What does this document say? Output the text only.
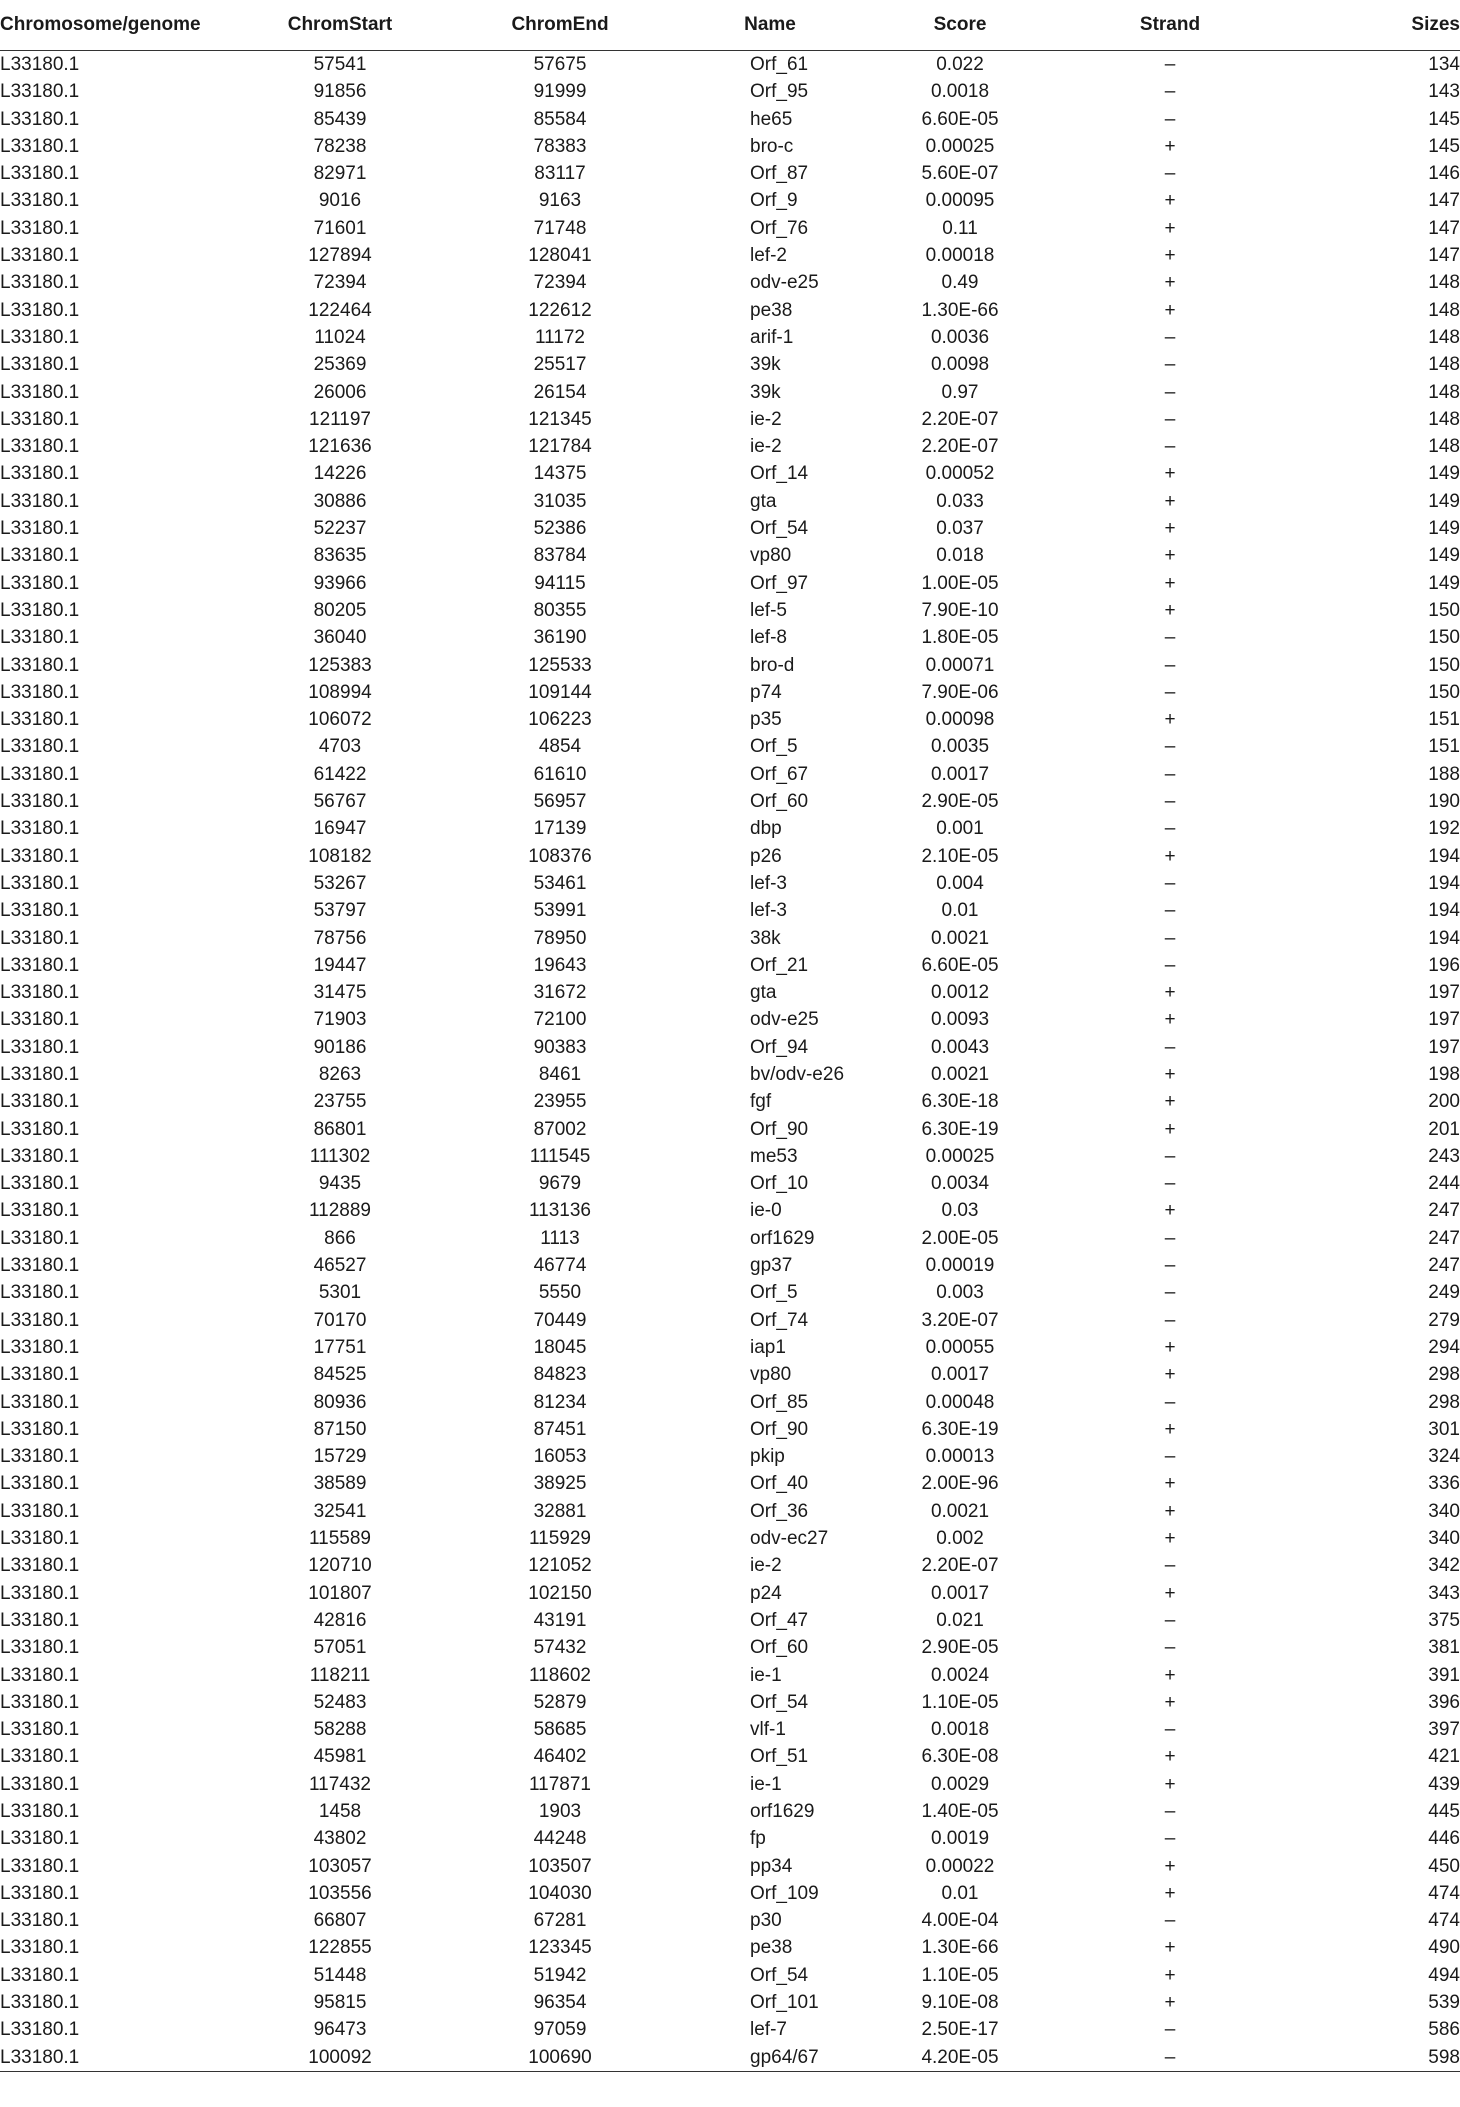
Chromosome/genome	ChromStart	ChromEnd	Name	Score	Strand	Sizes
L33180.1	57541	57675	Orf_61	0.022	–	134
L33180.1	91856	91999	Orf_95	0.0018	–	143
L33180.1	85439	85584	he65	6.60E-05	–	145
L33180.1	78238	78383	bro-c	0.00025	+	145
L33180.1	82971	83117	Orf_87	5.60E-07	–	146
L33180.1	9016	9163	Orf_9	0.00095	+	147
L33180.1	71601	71748	Orf_76	0.11	+	147
L33180.1	127894	128041	lef-2	0.00018	+	147
L33180.1	72394	72394	odv-e25	0.49	+	148
L33180.1	122464	122612	pe38	1.30E-66	+	148
L33180.1	11024	11172	arif-1	0.0036	–	148
L33180.1	25369	25517	39k	0.0098	–	148
L33180.1	26006	26154	39k	0.97	–	148
L33180.1	121197	121345	ie-2	2.20E-07	–	148
L33180.1	121636	121784	ie-2	2.20E-07	–	148
L33180.1	14226	14375	Orf_14	0.00052	+	149
L33180.1	30886	31035	gta	0.033	+	149
L33180.1	52237	52386	Orf_54	0.037	+	149
L33180.1	83635	83784	vp80	0.018	+	149
L33180.1	93966	94115	Orf_97	1.00E-05	+	149
L33180.1	80205	80355	lef-5	7.90E-10	+	150
L33180.1	36040	36190	lef-8	1.80E-05	–	150
L33180.1	125383	125533	bro-d	0.00071	–	150
L33180.1	108994	109144	p74	7.90E-06	–	150
L33180.1	106072	106223	p35	0.00098	+	151
L33180.1	4703	4854	Orf_5	0.0035	–	151
L33180.1	61422	61610	Orf_67	0.0017	–	188
L33180.1	56767	56957	Orf_60	2.90E-05	–	190
L33180.1	16947	17139	dbp	0.001	–	192
L33180.1	108182	108376	p26	2.10E-05	+	194
L33180.1	53267	53461	lef-3	0.004	–	194
L33180.1	53797	53991	lef-3	0.01	–	194
L33180.1	78756	78950	38k	0.0021	–	194
L33180.1	19447	19643	Orf_21	6.60E-05	–	196
L33180.1	31475	31672	gta	0.0012	+	197
L33180.1	71903	72100	odv-e25	0.0093	+	197
L33180.1	90186	90383	Orf_94	0.0043	–	197
L33180.1	8263	8461	bv/odv-e26	0.0021	+	198
L33180.1	23755	23955	fgf	6.30E-18	+	200
L33180.1	86801	87002	Orf_90	6.30E-19	+	201
L33180.1	111302	111545	me53	0.00025	–	243
L33180.1	9435	9679	Orf_10	0.0034	–	244
L33180.1	112889	113136	ie-0	0.03	+	247
L33180.1	866	1113	orf1629	2.00E-05	–	247
L33180.1	46527	46774	gp37	0.00019	–	247
L33180.1	5301	5550	Orf_5	0.003	–	249
L33180.1	70170	70449	Orf_74	3.20E-07	–	279
L33180.1	17751	18045	iap1	0.00055	+	294
L33180.1	84525	84823	vp80	0.0017	+	298
L33180.1	80936	81234	Orf_85	0.00048	–	298
L33180.1	87150	87451	Orf_90	6.30E-19	+	301
L33180.1	15729	16053	pkip	0.00013	–	324
L33180.1	38589	38925	Orf_40	2.00E-96	+	336
L33180.1	32541	32881	Orf_36	0.0021	+	340
L33180.1	115589	115929	odv-ec27	0.002	+	340
L33180.1	120710	121052	ie-2	2.20E-07	–	342
L33180.1	101807	102150	p24	0.0017	+	343
L33180.1	42816	43191	Orf_47	0.021	–	375
L33180.1	57051	57432	Orf_60	2.90E-05	–	381
L33180.1	118211	118602	ie-1	0.0024	+	391
L33180.1	52483	52879	Orf_54	1.10E-05	+	396
L33180.1	58288	58685	vlf-1	0.0018	–	397
L33180.1	45981	46402	Orf_51	6.30E-08	+	421
L33180.1	117432	117871	ie-1	0.0029	+	439
L33180.1	1458	1903	orf1629	1.40E-05	–	445
L33180.1	43802	44248	fp	0.0019	–	446
L33180.1	103057	103507	pp34	0.00022	+	450
L33180.1	103556	104030	Orf_109	0.01	+	474
L33180.1	66807	67281	p30	4.00E-04	–	474
L33180.1	122855	123345	pe38	1.30E-66	+	490
L33180.1	51448	51942	Orf_54	1.10E-05	+	494
L33180.1	95815	96354	Orf_101	9.10E-08	+	539
L33180.1	96473	97059	lef-7	2.50E-17	–	586
L33180.1	100092	100690	gp64/67	4.20E-05	–	598
